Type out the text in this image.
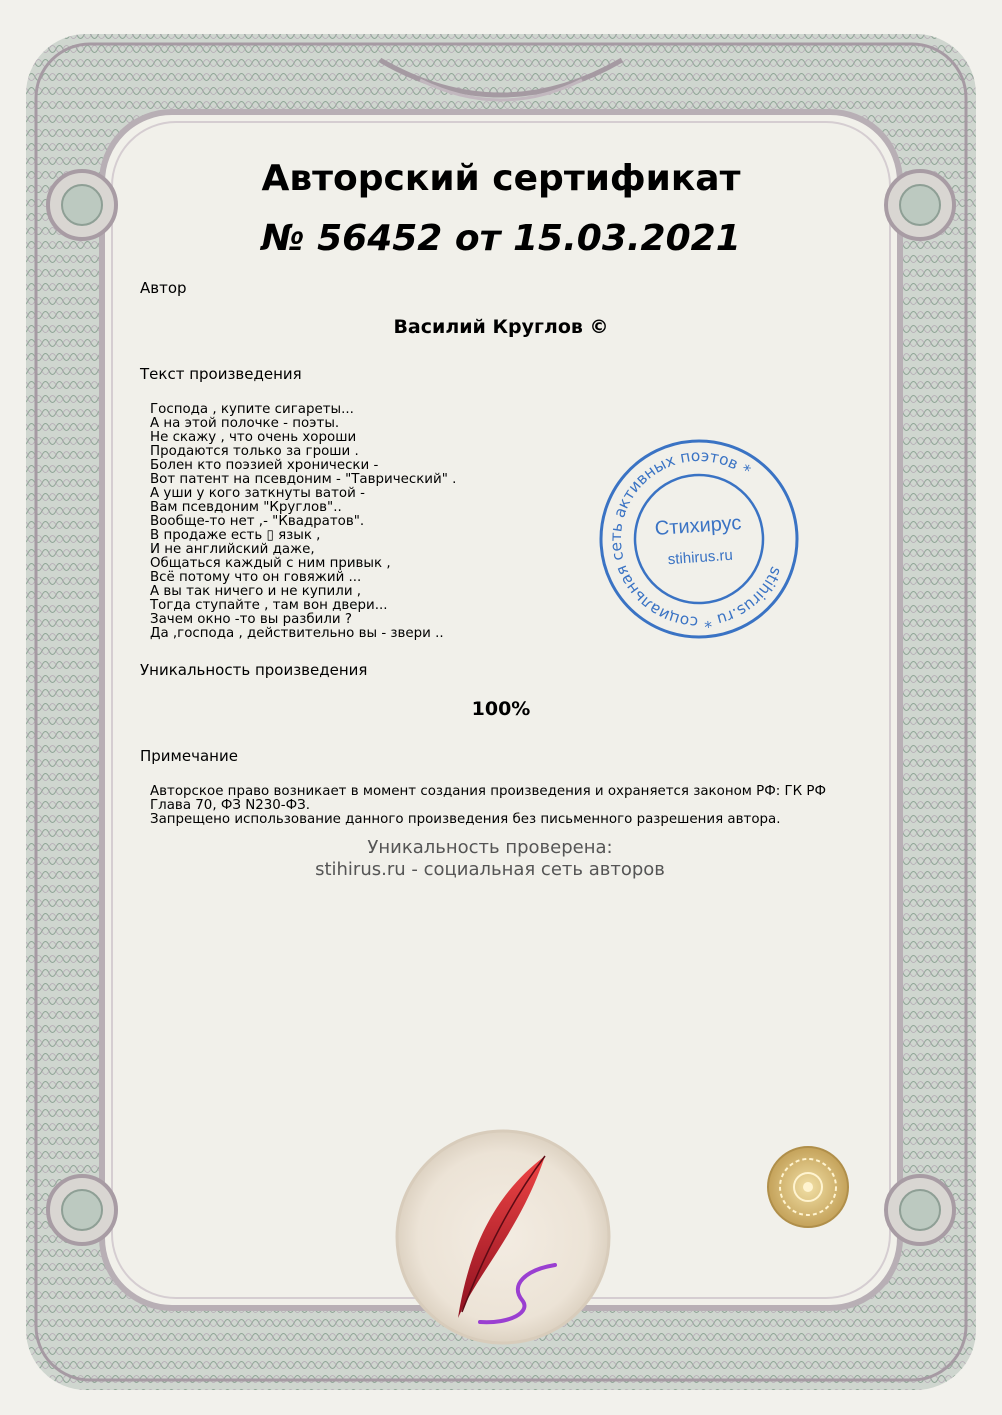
Авторский сертификат
№ 56452 от 15.03.2021
Автор
Василий Круглов ©
Текст произведения
Господа , купите сигареты...
А на этой полочке - поэты.
Не скажу , что очень хороши
Продаются только за гроши .
Болен кто поэзией хронически -
Вот патент на псевдоним - "Таврический" .
А уши у кого заткнуты ватой -
Вам псевдоним "Круглов"..
Вообще-то нет ,- "Квадратов".
В продаже есть ▯ язык ,
И не английский даже,
Общаться каждый с ним привык ,
Всё потому что он говяжий ...
А вы так ничего и не купили ,
Тогда ступайте , там вон двери...
Зачем окно -то вы разбили ?
Да ,господа , действительно вы - звери ..
Уникальность произведения
100%
Примечание

Авторское право возникает в момент создания произведения и охраняется законом РФ: ГК РФ Глава 70, ФЗ N230-ФЗ.

Запрещено использование данного произведения без письменного разрешения автора.

Уникальность проверена:
stihirus.ru - социальная сеть авторов
stihirus.ru * социальная сеть активных поэтов *
Стихирус
stihirus.ru
